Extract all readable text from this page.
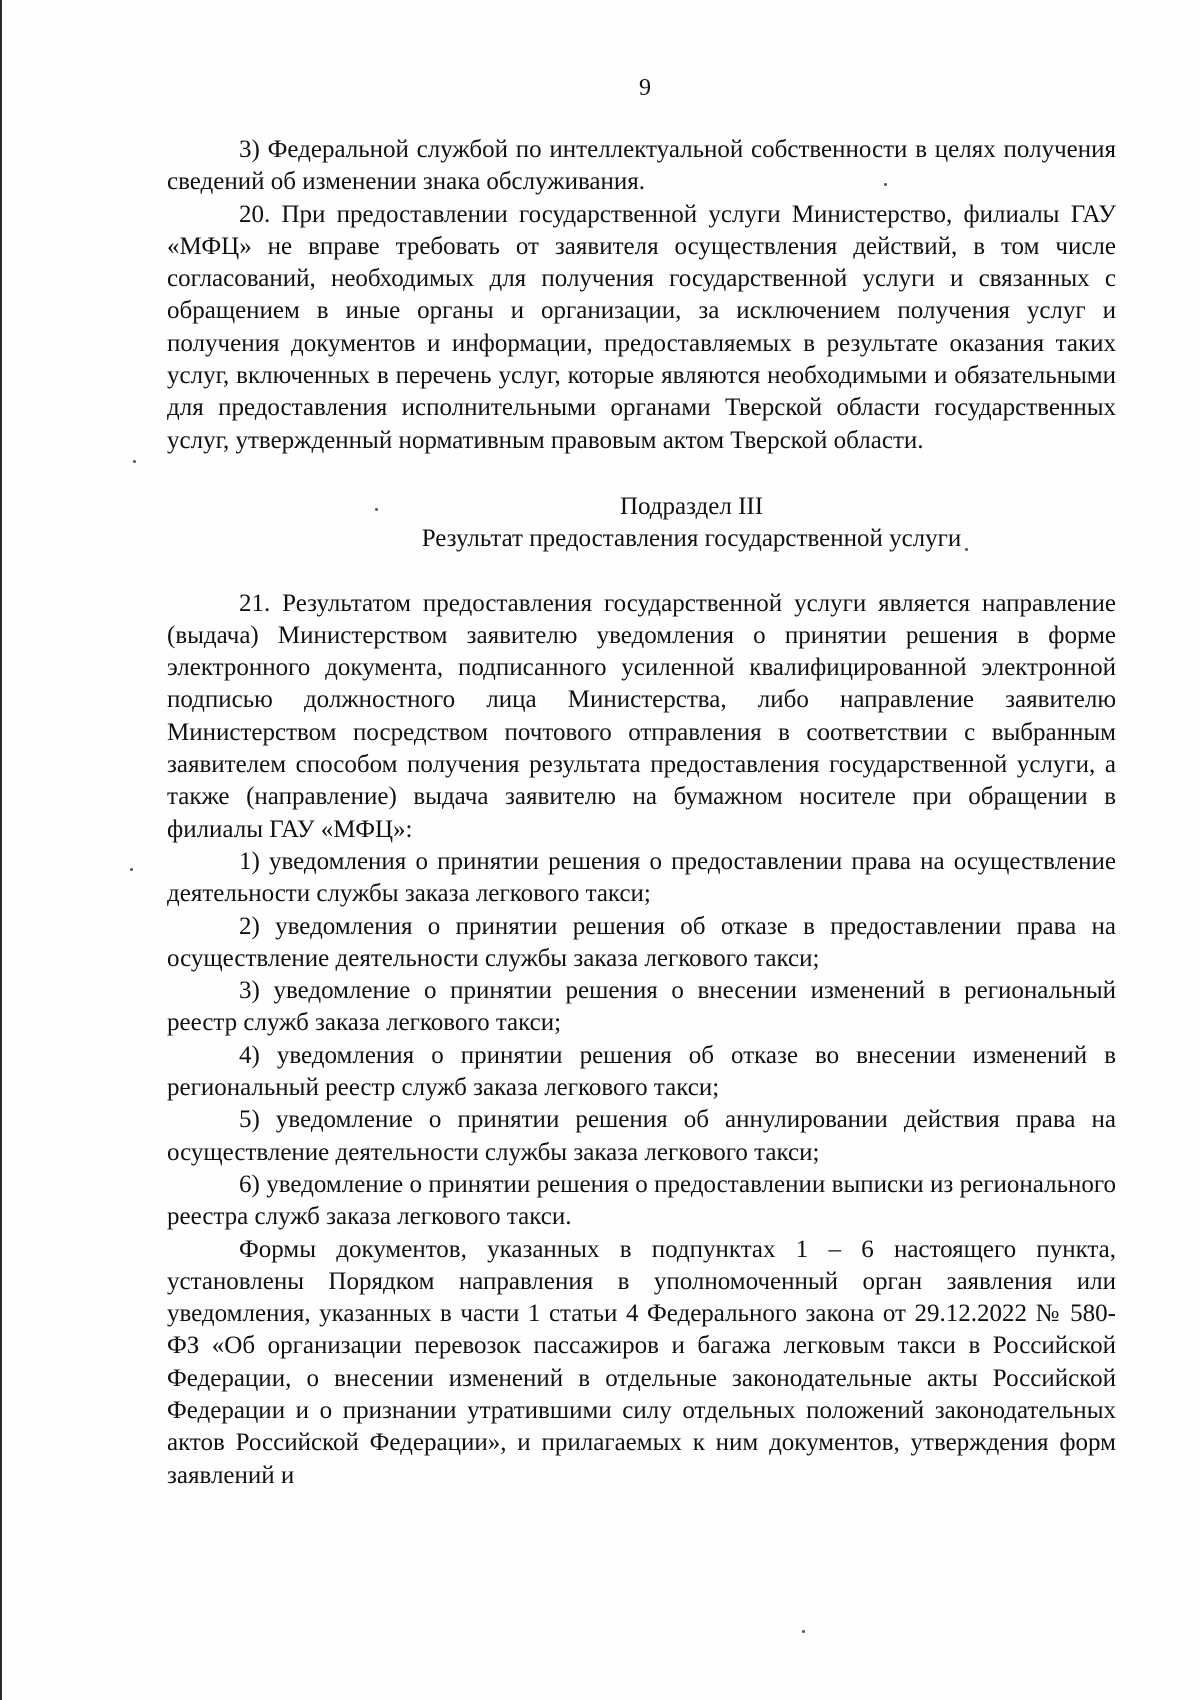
9

3) Федеральной службой по интеллектуальной собственности в целях получения сведений об изменении знака обслуживания.

20. При предоставлении государственной услуги Министерство, филиалы ГАУ «МФЦ» не вправе требовать от заявителя осуществления действий, в том числе согласований, необходимых для получения государственной услуги и связанных с обращением в иные органы и организации, за исключением получения услуг и получения документов и информации, предоставляемых в результате оказания таких услуг, включенных в перечень услуг, которые являются необходимыми и обязательными для предоставления исполнительными органами Тверской области государственных услуг, утвержденный нормативным правовым актом Тверской области.

Подраздел III

Результат предоставления государственной услуги

21. Результатом предоставления государственной услуги является направление (выдача) Министерством заявителю уведомления о принятии решения в форме электронного документа, подписанного усиленной квалифицированной электронной подписью должностного лица Министерства, либо направление заявителю Министерством посредством почтового отправления в соответствии с выбранным заявителем способом получения результата предоставления государственной услуги, а также (направление) выдача заявителю на бумажном носителе при обращении в филиалы ГАУ «МФЦ»:

1) уведомления о принятии решения о предоставлении права на осуществление деятельности службы заказа легкового такси;

2) уведомления о принятии решения об отказе в предоставлении права на осуществление деятельности службы заказа легкового такси;

3) уведомление о принятии решения о внесении изменений в региональный реестр служб заказа легкового такси;

4) уведомления о принятии решения об отказе во внесении изменений в региональный реестр служб заказа легкового такси;

5) уведомление о принятии решения об аннулировании действия права на осуществление деятельности службы заказа легкового такси;

6) уведомление о принятии решения о предоставлении выписки из регионального реестра служб заказа легкового такси.

Формы документов, указанных в подпунктах 1 – 6 настоящего пункта, установлены Порядком направления в уполномоченный орган заявления или уведомления, указанных в части 1 статьи 4 Федерального закона от 29.12.2022 № 580-ФЗ «Об организации перевозок пассажиров и багажа легковым такси в Российской Федерации, о внесении изменений в отдельные законодательные акты Российской Федерации и о признании утратившими силу отдельных положений законодательных актов Российской Федерации», и прилагаемых к ним документов, утверждения форм заявлений и
